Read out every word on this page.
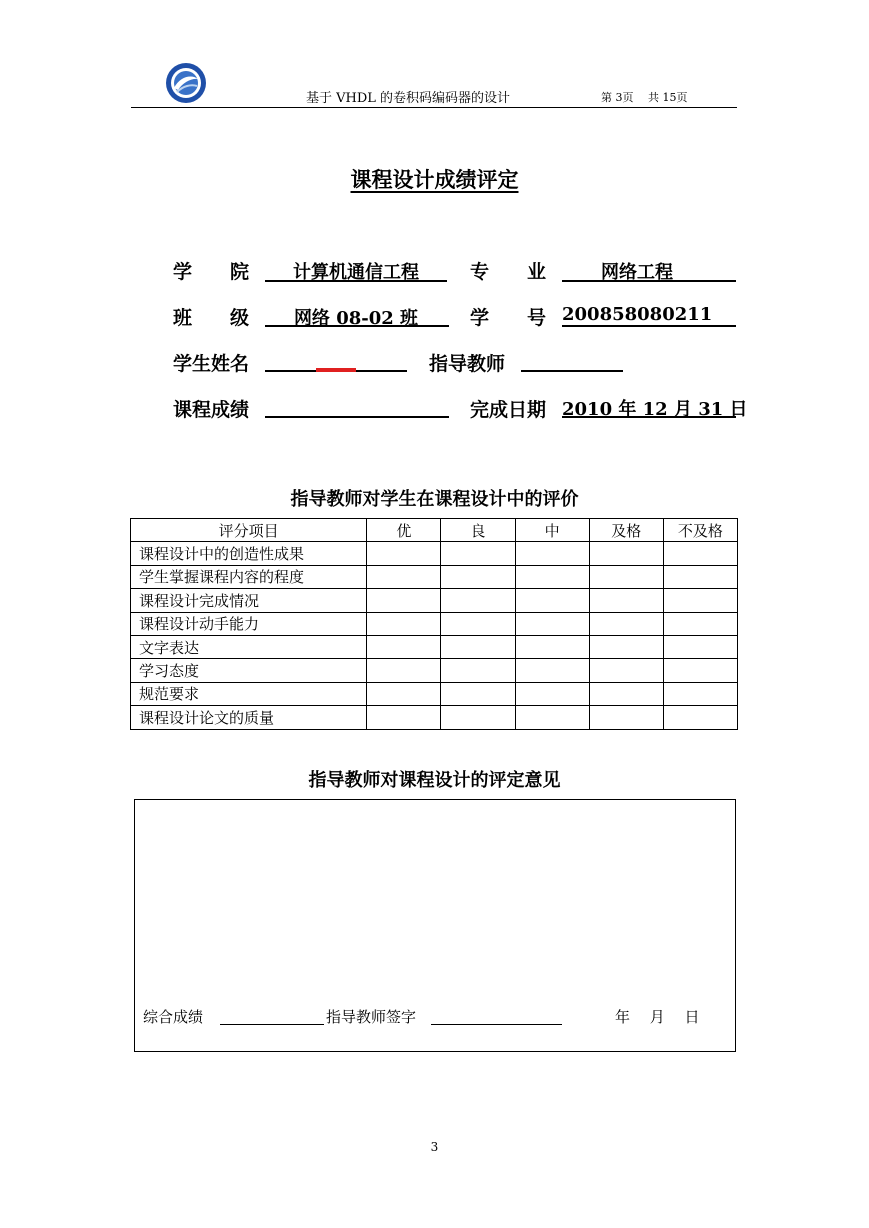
基于 VHDL 的卷积码编码器的设计	第 3页　 共 15页
课程设计成绩评定
学　　院	计算机通信工程	专　　业	网络工程
班　　级	网络 08-02 班	学　　号 200858080211
学生姓名	指导教师
课程成绩	完成日期 2010 年 12 月 31 日
指导教师对学生在课程设计中的评价
评分项目	优	良	中	及格	不及格
课程设计中的创造性成果					
学生掌握课程内容的程度					
课程设计完成情况					
课程设计动手能力					
文字表达					
学习态度					
规范要求					
课程设计论文的质量					
指导教师对课程设计的评定意见
综合成绩	指导教师签字	年　 月　 日
3
